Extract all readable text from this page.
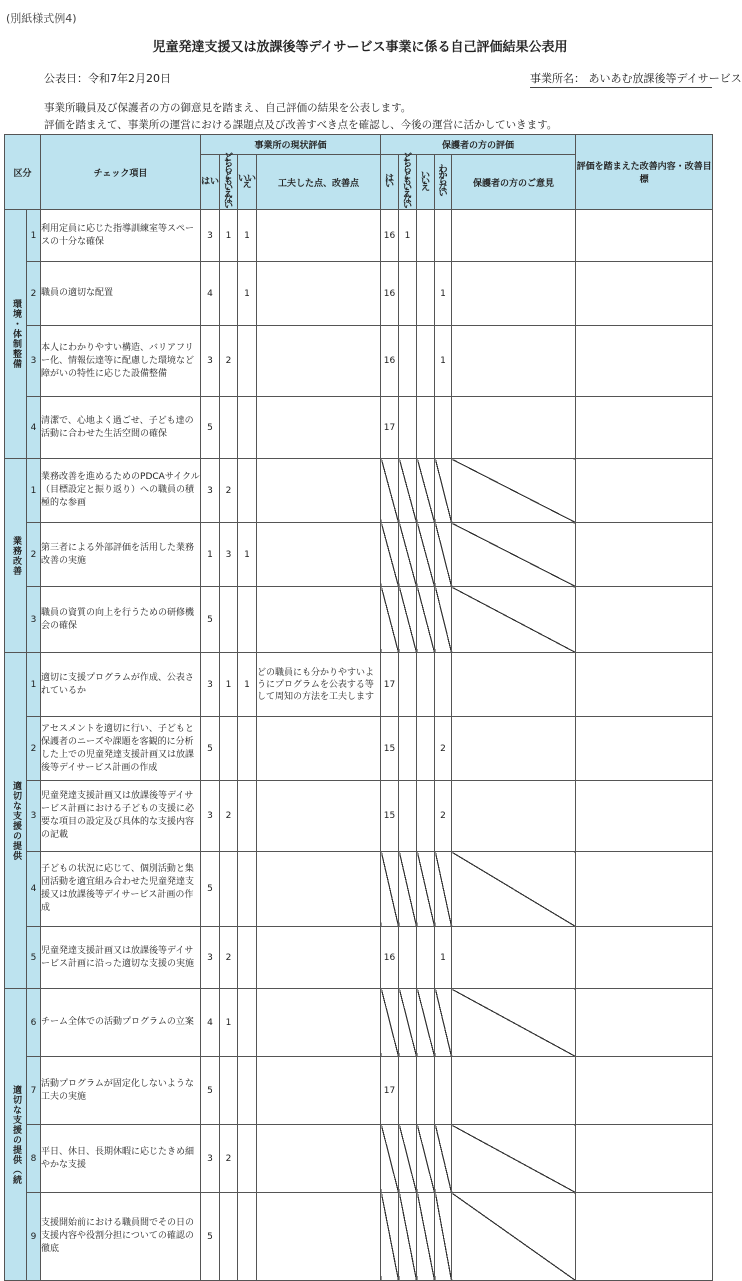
(別紙様式例4)
児童発達支援又は放課後等デイサービス事業に係る自己評価結果公表用
公表日：令和7年2月20日	事業所名： あいあむ放課後等デイサービス
事業所職員及び保護者の方の御意見を踏まえ、自己評価の結果を公表します。
評価を踏まえて、事業所の運営における課題点及び改善すべき点を確認し、今後の運営に活かしていきます。
区分		チェック項目	事業所の現状評価				保護者の方の評価					評価を踏まえた改善内容・改善目標
			はい	どちらともいえない	いいえ	工夫した点、改善点	はい	どちらともいえない	いいえ	わからない	保護者の方のご意見	
環境・体制整備	1	利用定員に応じた指導訓練室等スペースの十分な確保	3	1	1		16	1				
	2	職員の適切な配置	4		1		16			1		
	3	本人にわかりやすい構造、バリアフリー化、情報伝達等に配慮した環境など障がいの特性に応じた設備整備	3	2			16			1		
	4	清潔で、心地よく過ごせ、子ども達の活動に合わせた生活空間の確保	5				17					
業務改善	1	業務改善を進めるためのPDCAサイクル（目標設定と振り返り）への職員の積極的な参画	3	2								
	2	第三者による外部評価を活用した業務改善の実施	1	3	1							
	3	職員の資質の向上を行うための研修機会の確保	5									
適切な支援の提供	1	適切に支援プログラムが作成、公表されているか	3	1	1	どの職員にも分かりやすいようにプログラムを公表する等して周知の方法を工夫します	17					
	2	アセスメントを適切に行い、子どもと保護者のニーズや課題を客観的に分析した上での児童発達支援計画又は放課後等デイサービス計画の作成	5				15			2		
	3	児童発達支援計画又は放課後等デイサービス計画における子どもの支援に必要な項目の設定及び具体的な支援内容の記載	3	2			15			2		
	4	子どもの状況に応じて、個別活動と集団活動を適宜組み合わせた児童発達支援又は放課後等デイサービス計画の作成	5									
	5	児童発達支援計画又は放課後等デイサービス計画に沿った適切な支援の実施	3	2			16			1		
適切な支援の提供（続	6	チーム全体での活動プログラムの立案	4	1								
	7	活動プログラムが固定化しないような工夫の実施	5				17					
	8	平日、休日、長期休暇に応じたきめ細やかな支援	3	2								
	9	支援開始前における職員間でその日の支援内容や役割分担についての確認の徹底	5									
